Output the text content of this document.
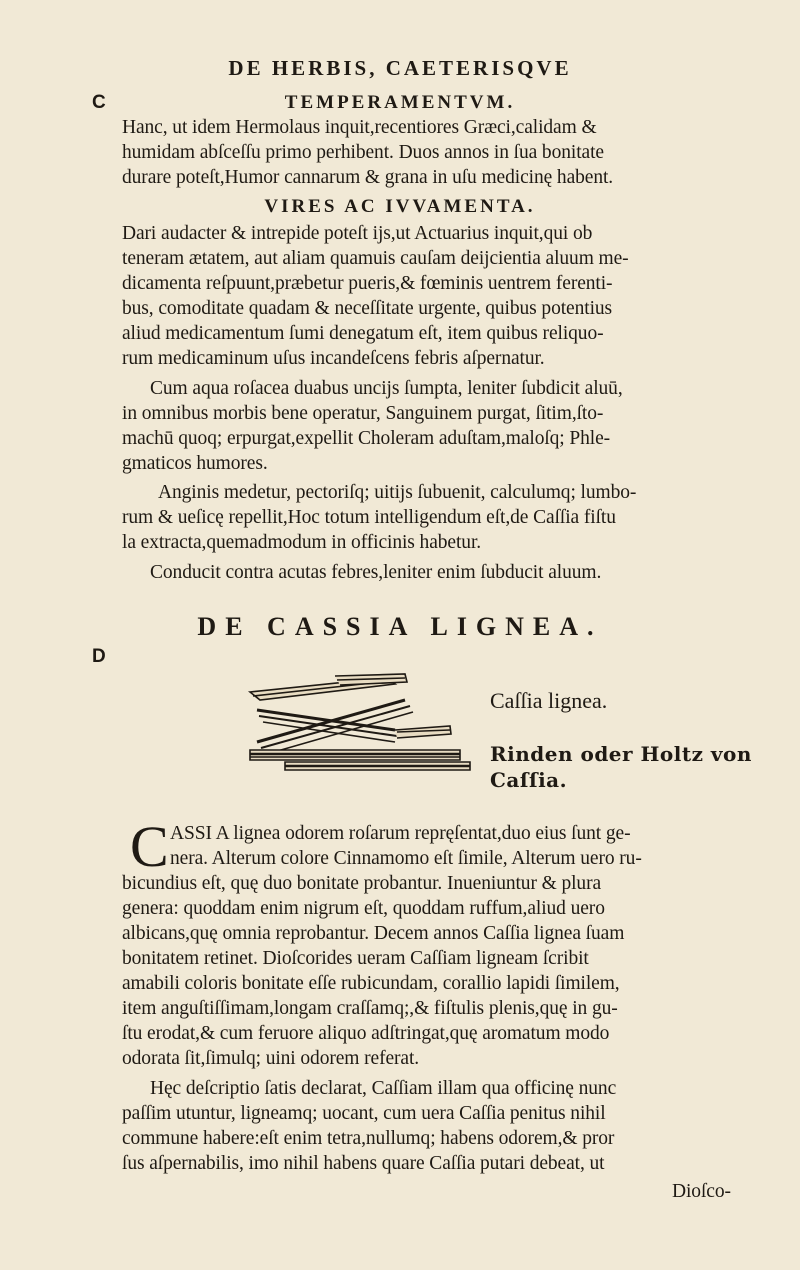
DE HERBIS, CAETERISQVE
C
D
TEMPERAMENTVM.
Hanc, ut idem Hermolaus inquit,recentiores Græci,calidam &
humidam abſceſſu primo perhibent. Duos annos in ſua bonitate
durare poteſt,Humor cannarum & grana in uſu medicinę habent.
VIRES AC IVVAMENTA.
Dari audacter & intrepide poteſt ijs,ut Actuarius inquit,qui ob
teneram ætatem, aut aliam quamuis cauſam deijcientia aluum me-
dicamenta reſpuunt,præbetur pueris,& fœminis uentrem ferenti-
bus, comoditate quadam & neceſſitate urgente, quibus potentius
aliud medicamentum ſumi denegatum eſt, item quibus reliquo-
rum medicaminum uſus incandeſcens febris aſpernatur.
Cum aqua roſacea duabus uncijs ſumpta, leniter ſubdicit aluū,
in omnibus morbis bene operatur, Sanguinem purgat, ſitim,ſto-
machū quoq; erpurgat,expellit Choleram aduſtam,maloſq; Phle-
gmaticos humores.
Anginis medetur, pectoriſq; uitijs ſubuenit, calculumq; lumbo-
rum & ueſicę repellit,Hoc totum intelligendum eſt,de Caſſia fiſtu
la extracta,quemadmodum in officinis habetur.
Conducit contra acutas febres,leniter enim ſubducit aluum.
DE CASSIA LIGNEA.
Caſſia lignea.
Rinden oder Holtz von
Caſſia.
C ASSI A lignea odorem roſarum repręſentat,duo eius ſunt ge-
nera. Alterum colore Cinnamomo eſt ſimile, Alterum uero ru-
bicundius eſt, quę duo bonitate probantur. Inueniuntur & plura
genera: quoddam enim nigrum eſt, quoddam ruffum,aliud uero
albicans,quę omnia reprobantur. Decem annos Caſſia lignea ſuam
bonitatem retinet. Dioſcorides ueram Caſſiam ligneam ſcribit
amabili coloris bonitate eſſe rubicundam, corallio lapidi ſimilem,
item anguſtiſſimam,longam craſſamq;,& fiſtulis plenis,quę in gu-
ſtu erodat,& cum feruore aliquo adſtringat,quę aromatum modo
odorata ſit,ſimulq; uini odorem referat.
Hęc deſcriptio ſatis declarat, Caſſiam illam qua officinę nunc
paſſim utuntur, ligneamq; uocant, cum uera Caſſia penitus nihil
commune habere:eſt enim tetra,nullumq; habens odorem,& pror
ſus aſpernabilis, imo nihil habens quare Caſſia putari debeat, ut
Dioſco-
